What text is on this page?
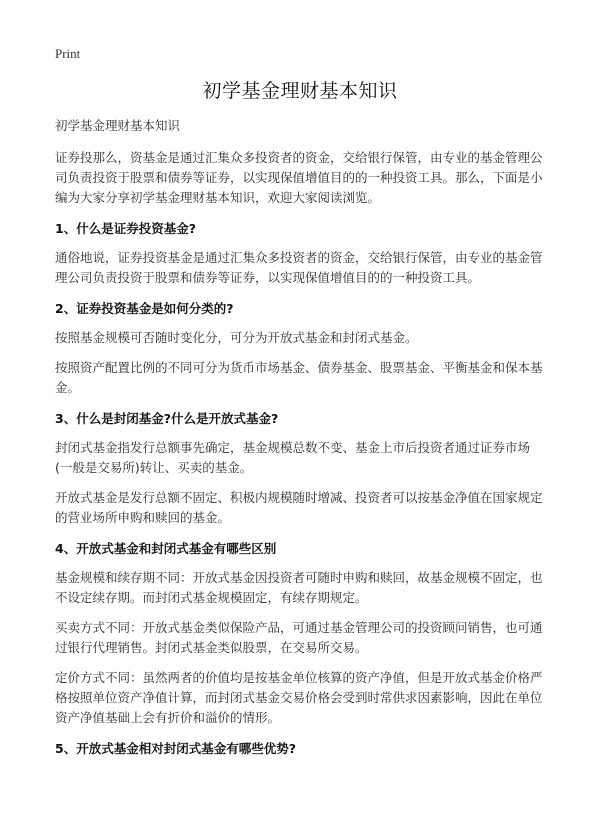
Print
初学基金理财基本知识

初学基金理财基本知识

证券投那么，资基金是通过汇集众多投资者的资金，交给银行保管，由专业的基金管理公司负责投资于股票和债券等证券，以实现保值增值目的的一种投资工具。那么，下面是小编为大家分享初学基金理财基本知识，欢迎大家阅读浏览。

1、什么是证券投资基金?

通俗地说，证券投资基金是通过汇集众多投资者的资金，交给银行保管，由专业的基金管理公司负责投资于股票和债券等证券，以实现保值增值目的的一种投资工具。

2、证券投资基金是如何分类的?

按照基金规模可否随时变化分，可分为开放式基金和封闭式基金。

按照资产配置比例的不同可分为货币市场基金、债券基金、股票基金、平衡基金和保本基金。

3、什么是封闭基金?什么是开放式基金?

封闭式基金指发行总额事先确定，基金规模总数不变、基金上市后投资者通过证券市场(一般是交易所)转让、买卖的基金。

开放式基金是发行总额不固定、积极内规模随时增减、投资者可以按基金净值在国家规定的营业场所申购和赎回的基金。

4、开放式基金和封闭式基金有哪些区别

基金规模和续存期不同：开放式基金因投资者可随时申购和赎回，故基金规模不固定，也不设定续存期。而封闭式基金规模固定，有续存期规定。

买卖方式不同：开放式基金类似保险产品，可通过基金管理公司的投资顾问销售，也可通过银行代理销售。封闭式基金类似股票，在交易所交易。

定价方式不同：虽然两者的价值均是按基金单位核算的资产净值，但是开放式基金价格严格按照单位资产净值计算，而封闭式基金交易价格会受到时常供求因素影响，因此在单位资产净值基础上会有折价和溢价的情形。

5、开放式基金相对封闭式基金有哪些优势?
